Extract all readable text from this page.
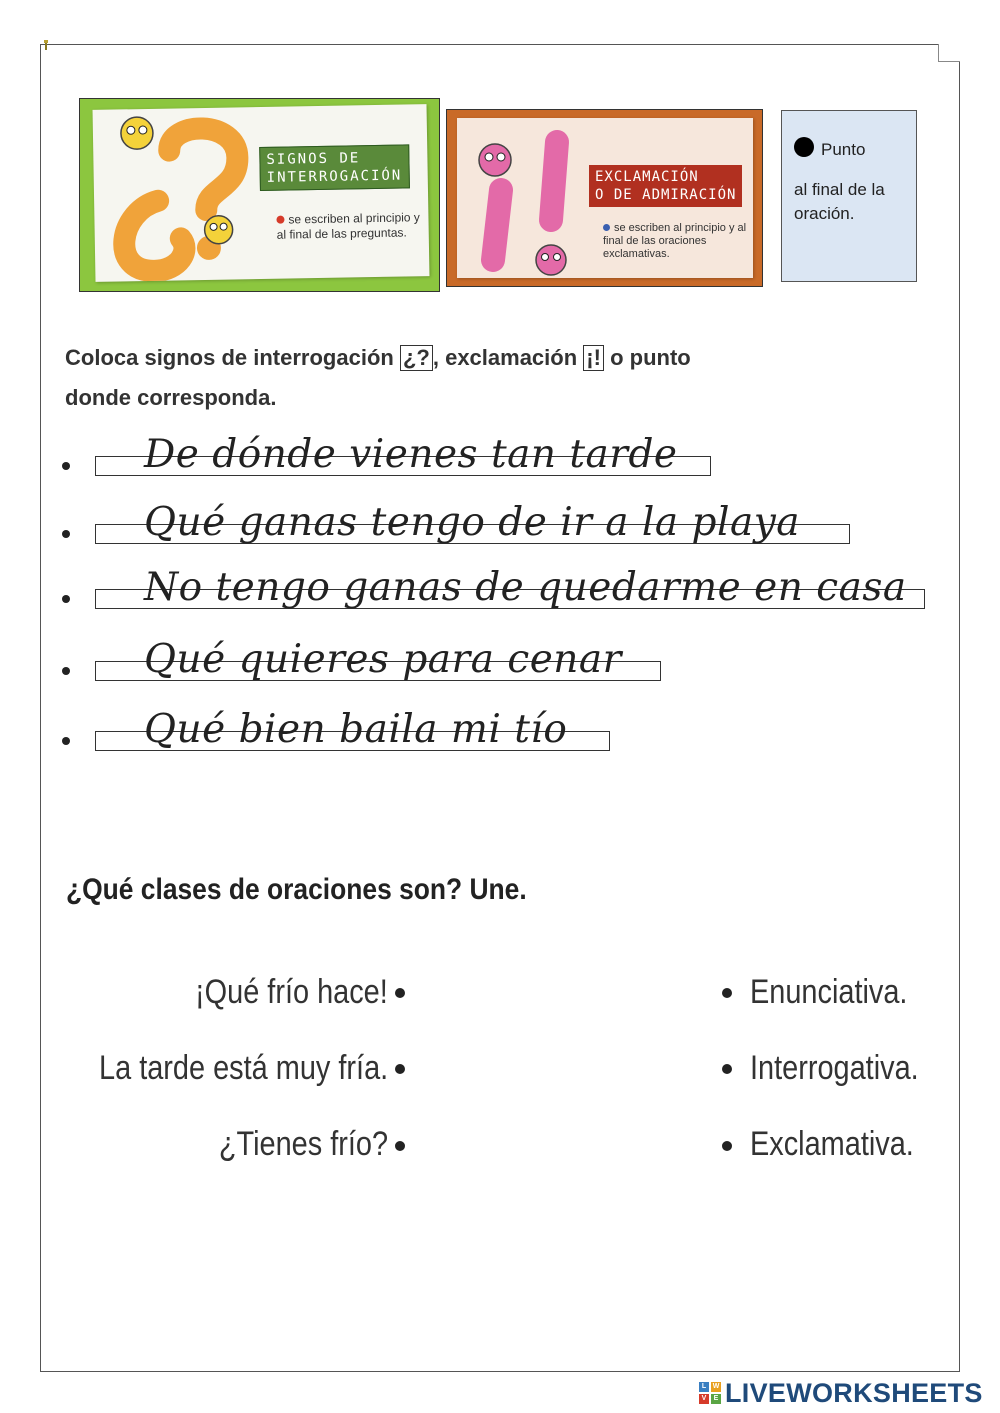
SIGNOS DE
INTERROGACIÓN
se escriben al principio y al final de las preguntas.
EXCLAMACIÓN
O DE ADMIRACIÓN
se escriben al principio y al final de las oraciones exclamativas.
Punto
al final de la oración.
Coloca signos de interrogación ¿? , exclamación ¡! o punto
donde corresponda.
De dónde vienes tan tarde
Qué ganas tengo de ir a la playa
No tengo ganas de quedarme en casa
Qué quieres para cenar
Qué bien baila mi tío
¿Qué clases de oraciones son? Une.
¡Qué frío hace!
La tarde está muy fría.
¿Tienes frío?
Enunciativa.
Interrogativa.
Exclamativa.
L W
V	E LIVEWORKSHEETS
